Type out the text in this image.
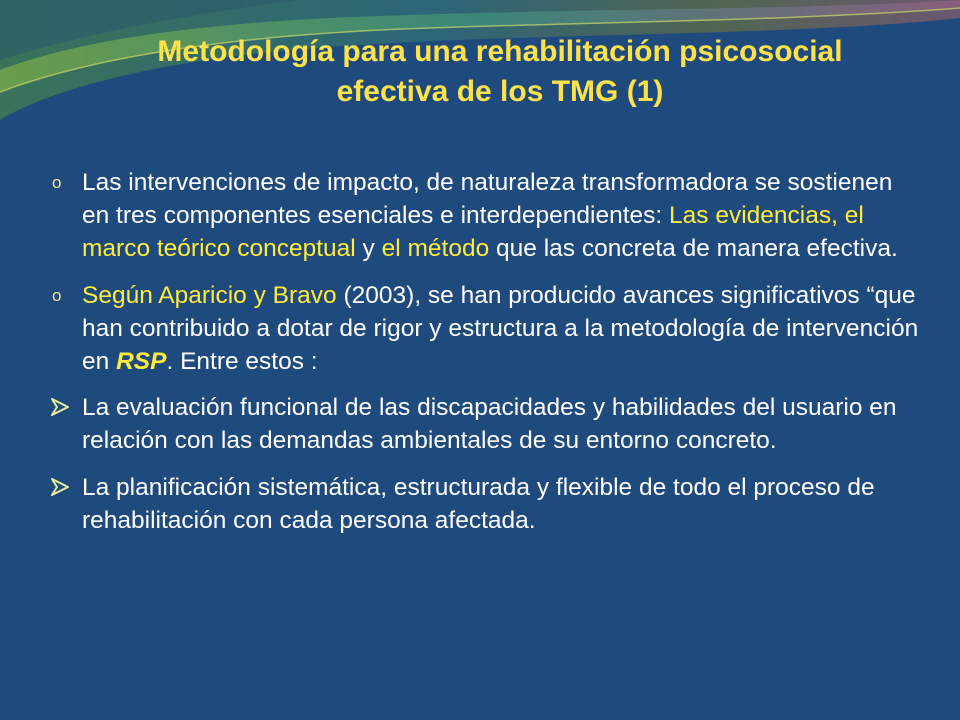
Metodología para una rehabilitación psicosocial
efectiva de los TMG (1)
o Las intervenciones de impacto, de naturaleza transformadora se sostienen en tres componentes esenciales e interdependientes: Las evidencias, el marco teórico conceptual y el método que las concreta de manera efectiva.
o Según Aparicio y Bravo (2003), se han producido avances significativos “que han contribuido a dotar de rigor y estructura a la metodología de intervención en RSP. Entre estos :
La evaluación funcional de las discapacidades y habilidades del usuario en relación con las demandas ambientales de su entorno concreto.
La planificación sistemática, estructurada y flexible de todo el proceso de rehabilitación con cada persona afectada.
